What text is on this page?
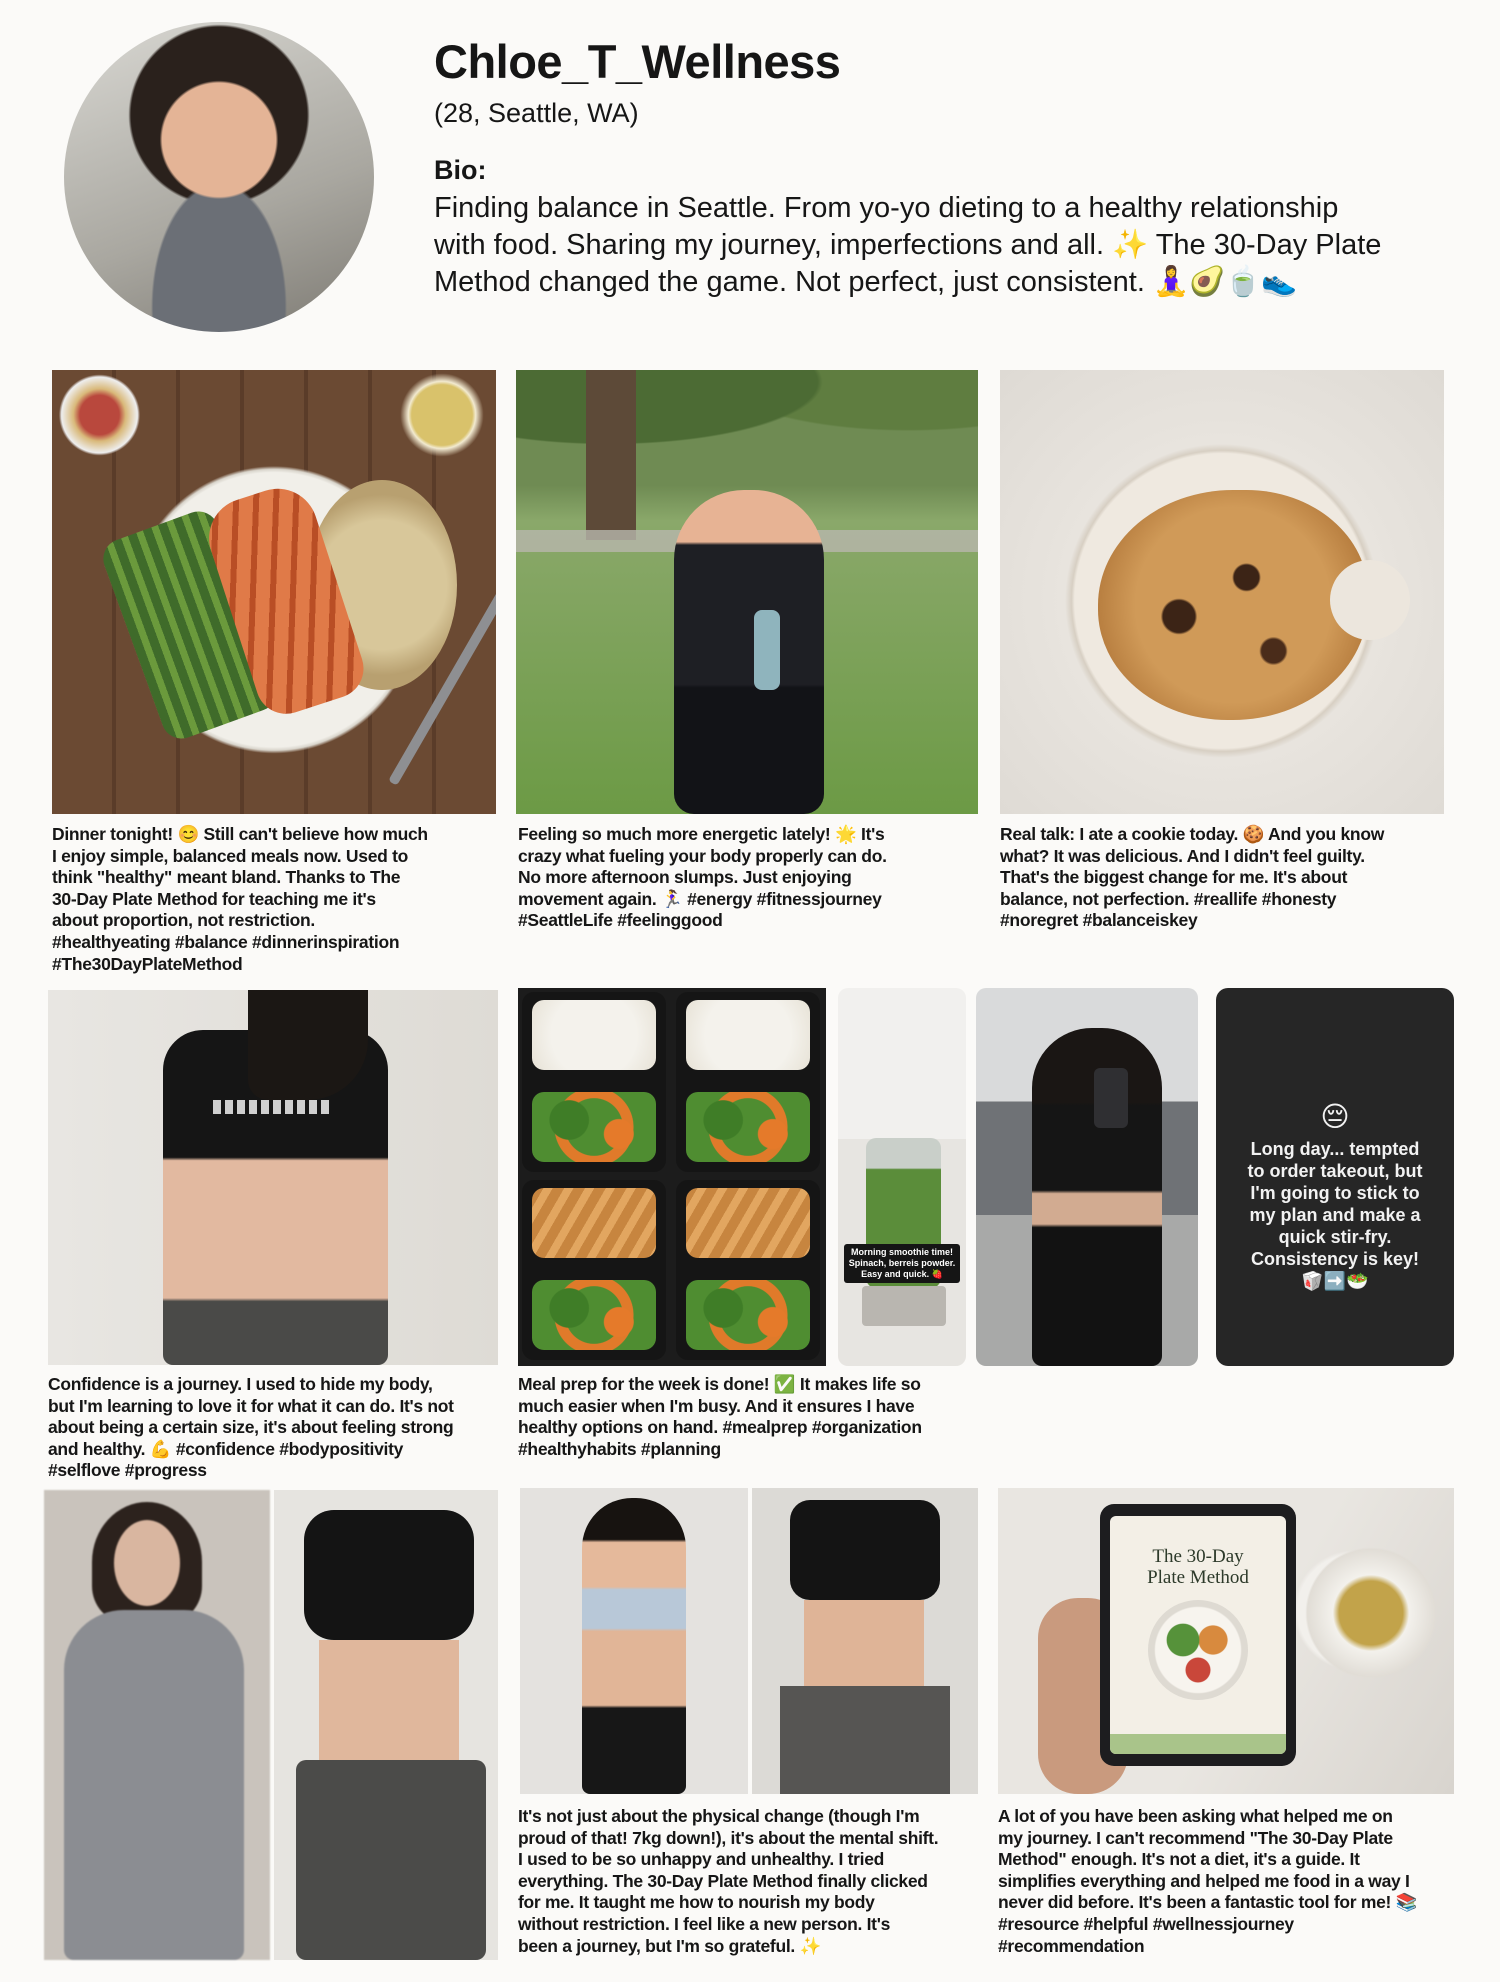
Chloe_T_Wellness
(28, Seattle, WA)
Bio:
Finding balance in Seattle. From yo-yo dieting to a healthy relationship with food. Sharing my journey, imperfections and all. ✨ The 30-Day Plate Method changed the game. Not perfect, just consistent. 🧘‍♀️🥑🍵👟
Dinner tonight! 😊 Still can't believe how much
I enjoy simple, balanced meals now. Used to
think "healthy" meant bland. Thanks to The
30-Day Plate Method for teaching me it's
about proportion, not restriction.
#healthyeating #balance #dinnerinspiration
#The30DayPlateMethod
Feeling so much more energetic lately! 🌟 It's
crazy what fueling your body properly can do.
No more afternoon slumps. Just enjoying
movement again. 🏃‍♀️ #energy #fitnessjourney
#SeattleLife #feelinggood
Real talk: I ate a cookie today. 🍪 And you know
what? It was delicious. And I didn't feel guilty.
That's the biggest change for me. It's about
balance, not perfection. #reallife #honesty
#noregret #balanceiskey
Confidence is a journey. I used to hide my body,
but I'm learning to love it for what it can do. It's not
about being a certain size, it's about feeling strong
and healthy. 💪 #confidence #bodypositivity
#selflove #progress
Meal prep for the week is done! ✅ It makes life so
much easier when I'm busy. And it ensures I have
healthy options on hand. #mealprep #organization
#healthyhabits #planning
Morning smoothie time!
Spinach, berreis powder.
Easy and quick. 🍓
😔
Long day... tempted
to order takeout, but
I'm going to stick to
my plan and make a
quick stir-fry.
Consistency is key!
🥡➡️🥗
It's not just about the physical change (though I'm
proud of that! 7kg down!), it's about the mental shift.
I used to be so unhappy and unhealthy. I tried
everything. The 30-Day Plate Method finally clicked
for me. It taught me how to nourish my body
without restriction. I feel like a new person. It's
been a journey, but I'm so grateful. ✨
The 30-Day
Plate Method
A lot of you have been asking what helped me on
my journey. I can't recommend "The 30-Day Plate
Method" enough. It's not a diet, it's a guide. It
simplifies everything and helped me food in a way I
never did before. It's been a fantastic tool for me! 📚
#resource #helpful #wellnessjourney
#recommendation
